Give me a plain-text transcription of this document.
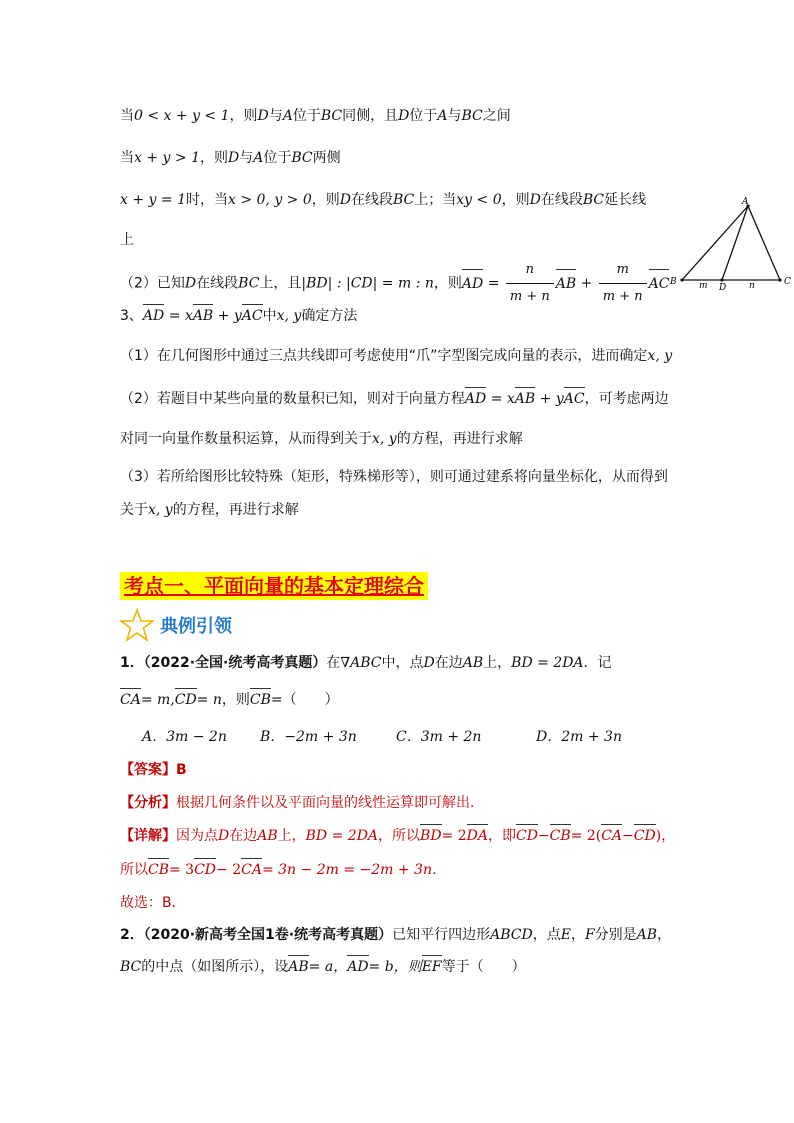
当0 < x + y < 1，则D与A位于BC同侧，且D位于A与BC之间
当x + y > 1，则D与A位于BC两侧
x + y = 1时，当x > 0, y > 0，则D在线段BC上；当xy < 0，则D在线段BC延长线
上
（2）已知D在线段BC上，且|BD| : |CD| = m : n，则AD = $\frac{n}{m + n}$ AB + $\frac{m}{m + n}$ AC
A
B	C
D
m	n
3、AD = xAB + yAC中x, y确定方法
（1）在几何图形中通过三点共线即可考虑使用“爪”字型图完成向量的表示，进而确定x, y
（2）若题目中某些向量的数量积已知，则对于向量方程AD = xAB + yAC，可考虑两边
对同一向量作数量积运算，从而得到关于x, y的方程，再进行求解
（3）若所给图形比较特殊（矩形，特殊梯形等），则可通过建系将向量坐标化，从而得到
关于x, y的方程，再进行求解
考点一、平面向量的基本定理综合
典例引领
1．（2022·全国·统考高考真题）在∇ABC中，点D在边AB上，BD = 2DA．记
CA= m,CD= n，则CB=（　　）
A．3m − 2n B．−2m + 3n	C．3m + 2n	D．2m + 3n
【答案】B
【分析】根据几何条件以及平面向量的线性运算即可解出．
【详解】因为点D在边AB上，BD = 2DA，所以BD= 2DA，即CD−CB= 2(CA−CD)，
所以CB= 3CD− 2CA= 3n − 2m = −2m + 3n．
故选：B．
2．（2020·新高考全国1卷·统考高考真题）已知平行四边形ABCD，点E，F分别是AB，
BC的中点（如图所示），设AB= a，AD= b，则EF等于（　　）
